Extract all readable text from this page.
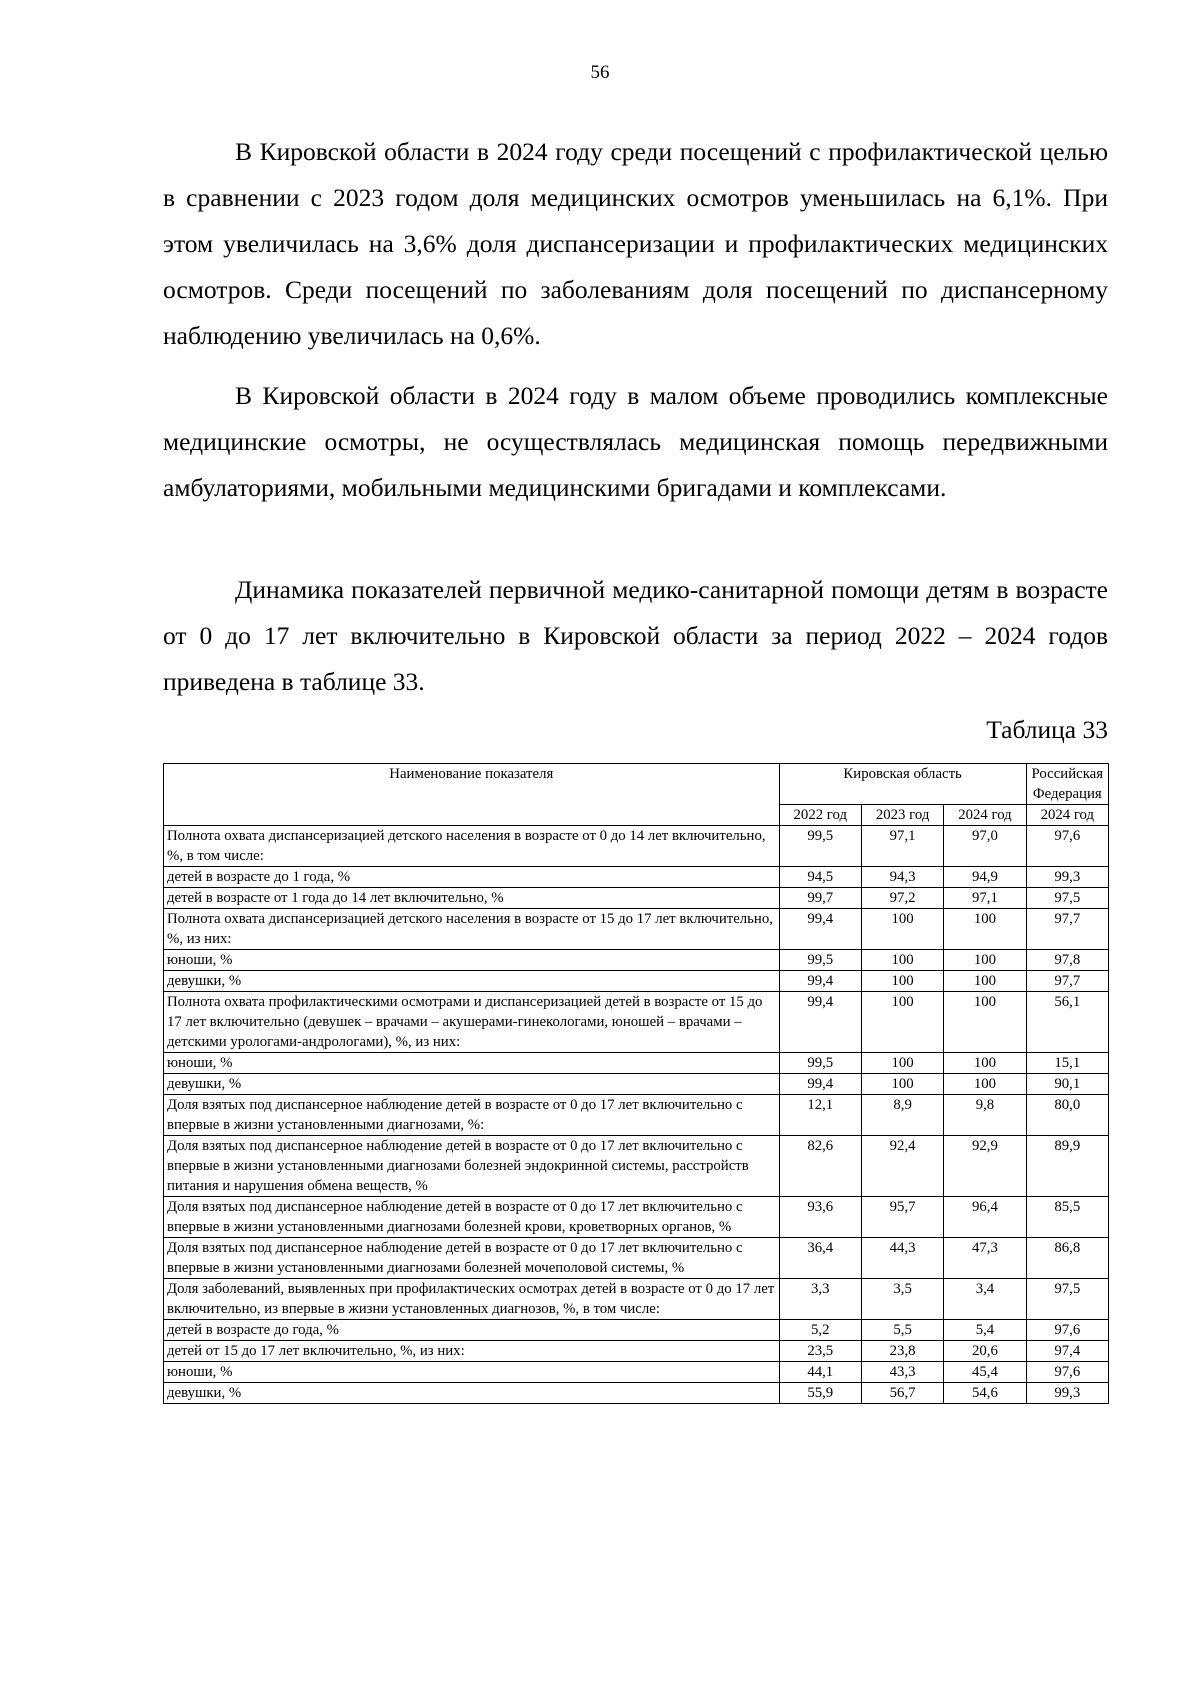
56

В Кировской области в 2024 году среди посещений с профилактической целью в сравнении с 2023 годом доля медицинских осмотров уменьшилась на 6,1%. При этом увеличилась на 3,6% доля диспансеризации и профилактических медицинских осмотров. Среди посещений по заболеваниям доля посещений по диспансерному наблюдению увеличилась на 0,6%.

В Кировской области в 2024 году в малом объеме проводились комплексные медицинские осмотры, не осуществлялась медицинская помощь передвижными амбулаториями, мобильными медицинскими бригадами и комплексами.

Динамика показателей первичной медико-санитарной помощи детям в возрасте от 0 до 17 лет включительно в Кировской области за период 2022 – 2024 годов приведена в таблице 33.

Таблица 33
Наименование показателя	Кировская область			Российская Федерация
	2022 год	2023 год	2024 год	2024 год
Полнота охвата диспансеризацией детского населения в возрасте от 0 до 14 лет включительно, %, в том числе:	99,5	97,1	97,0	97,6
детей в возрасте до 1 года, %	94,5	94,3	94,9	99,3
детей в возрасте от 1 года до 14 лет включительно, %	99,7	97,2	97,1	97,5
Полнота охвата диспансеризацией детского населения в возрасте от 15 до 17 лет включительно, %, из них:	99,4	100	100	97,7
юноши, %	99,5	100	100	97,8
девушки, %	99,4	100	100	97,7
Полнота охвата профилактическими осмотрами и диспансеризацией детей в возрасте от 15 до 17 лет включительно (девушек – врачами – акушерами-гинекологами, юношей – врачами – детскими урологами-андрологами), %, из них:	99,4	100	100	56,1
юноши, %	99,5	100	100	15,1
девушки, %	99,4	100	100	90,1
Доля взятых под диспансерное наблюдение детей в возрасте от 0 до 17 лет включительно с впервые в жизни установленными диагнозами, %:	12,1	8,9	9,8	80,0
Доля взятых под диспансерное наблюдение детей в возрасте от 0 до 17 лет включительно с впервые в жизни установленными диагнозами болезней эндокринной системы, расстройств питания и нарушения обмена веществ, %	82,6	92,4	92,9	89,9
Доля взятых под диспансерное наблюдение детей в возрасте от 0 до 17 лет включительно с впервые в жизни установленными диагнозами болезней крови, кроветворных органов, %	93,6	95,7	96,4	85,5
Доля взятых под диспансерное наблюдение детей в возрасте от 0 до 17 лет включительно с впервые в жизни установленными диагнозами болезней мочеполовой системы, %	36,4	44,3	47,3	86,8
Доля заболеваний, выявленных при профилактических осмотрах детей в возрасте от 0 до 17 лет включительно, из впервые в жизни установленных диагнозов, %, в том числе:	3,3	3,5	3,4	97,5
детей в возрасте до года, %	5,2	5,5	5,4	97,6
детей от 15 до 17 лет включительно, %, из них:	23,5	23,8	20,6	97,4
юноши, %	44,1	43,3	45,4	97,6
девушки, %	55,9	56,7	54,6	99,3
